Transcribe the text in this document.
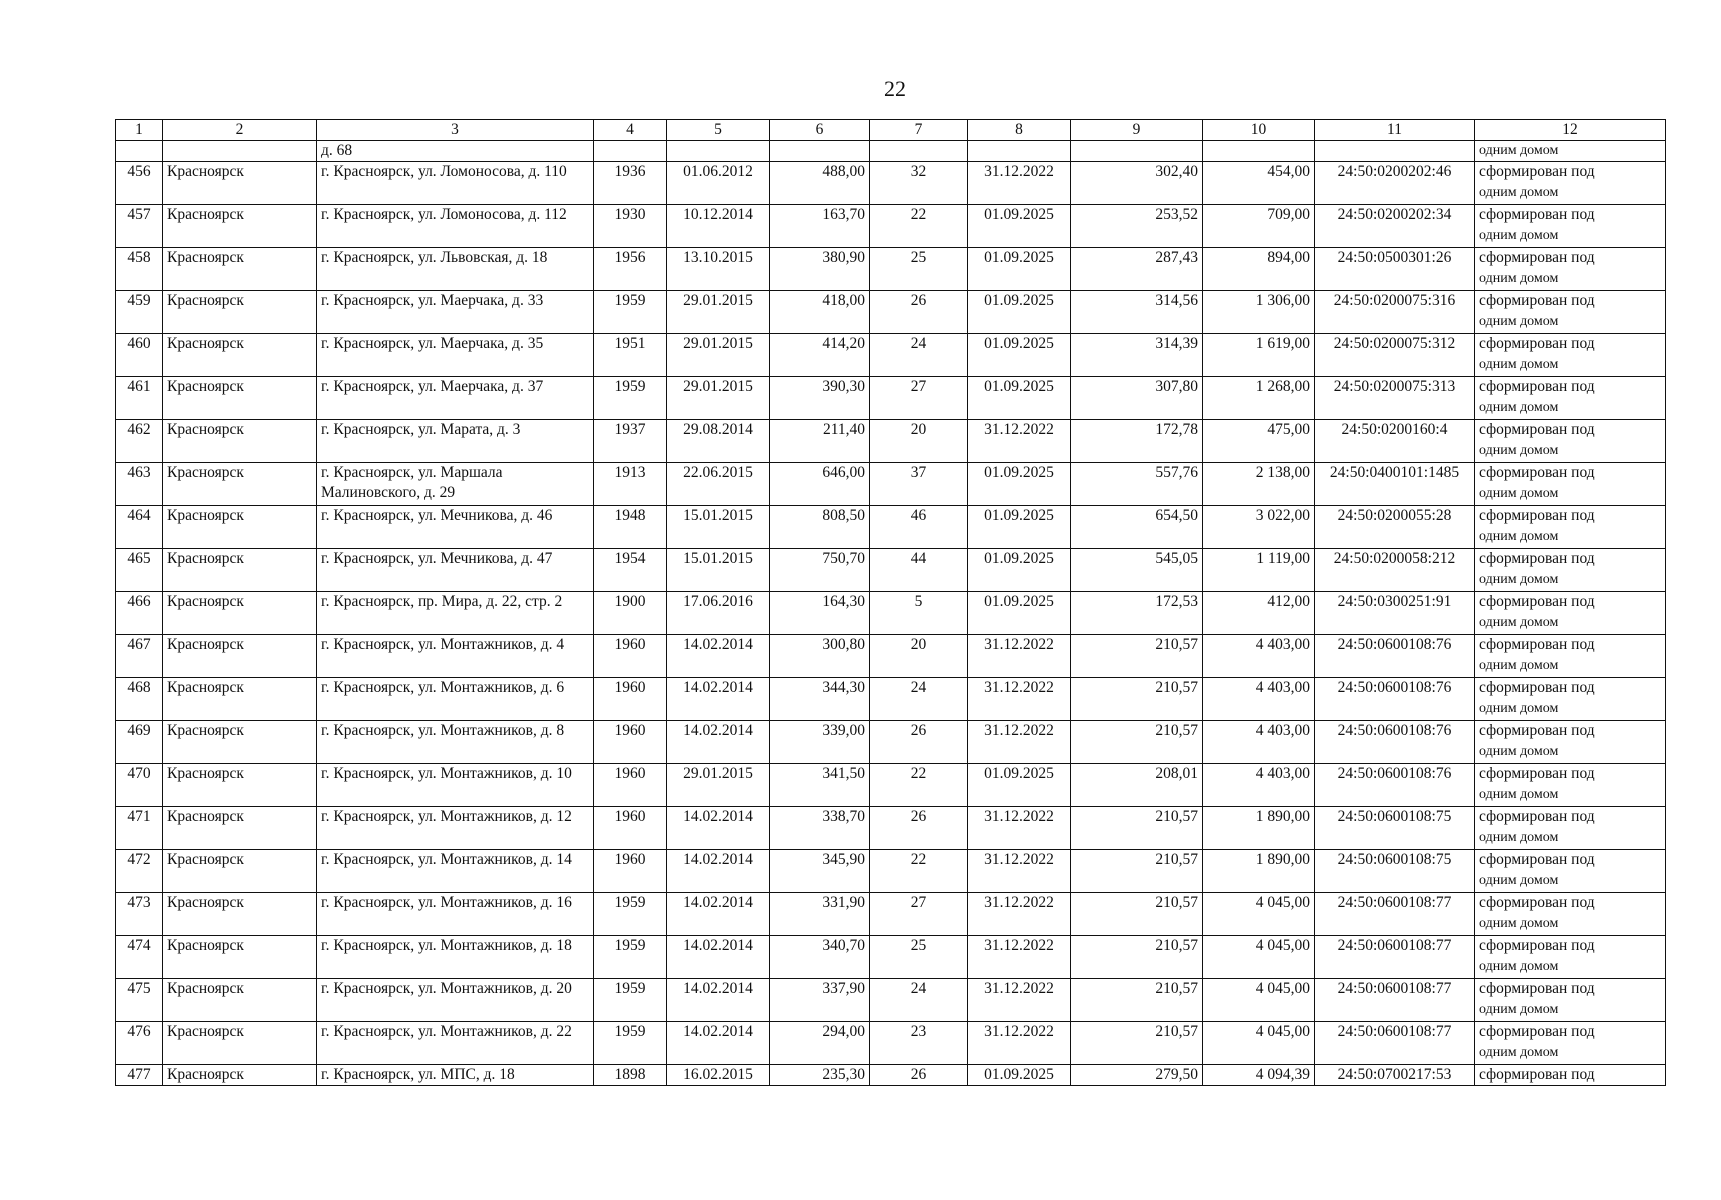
22
1	2	3	4	5	6	7	8	9	10	11	12
		д. 68									одним домом

456	Красноярск	г. Красноярск, ул. Ломоносова, д. 110	1936	01.06.2012	488,00	32	31.12.2022	302,40	454,00	24:50:0200202:46	сформирован под
одним домом

457	Красноярск	г. Красноярск, ул. Ломоносова, д. 112	1930	10.12.2014	163,70	22	01.09.2025	253,52	709,00	24:50:0200202:34	сформирован под
одним домом

458	Красноярск	г. Красноярск, ул. Львовская, д. 18	1956	13.10.2015	380,90	25	01.09.2025	287,43	894,00	24:50:0500301:26	сформирован под
одним домом

459	Красноярск	г. Красноярск, ул. Маерчака, д. 33	1959	29.01.2015	418,00	26	01.09.2025	314,56	1 306,00	24:50:0200075:316	сформирован под
одним домом

460	Красноярск	г. Красноярск, ул. Маерчака, д. 35	1951	29.01.2015	414,20	24	01.09.2025	314,39	1 619,00	24:50:0200075:312	сформирован под
одним домом

461	Красноярск	г. Красноярск, ул. Маерчака, д. 37	1959	29.01.2015	390,30	27	01.09.2025	307,80	1 268,00	24:50:0200075:313	сформирован под
одним домом

462	Красноярск	г. Красноярск, ул. Марата, д. 3	1937	29.08.2014	211,40	20	31.12.2022	172,78	475,00	24:50:0200160:4	сформирован под
одним домом

463	Красноярск	г. Красноярск, ул. Маршала Малиновского, д. 29	1913	22.06.2015	646,00	37	01.09.2025	557,76	2 138,00	24:50:0400101:1485	сформирован под
одним домом

464	Красноярск	г. Красноярск, ул. Мечникова, д. 46	1948	15.01.2015	808,50	46	01.09.2025	654,50	3 022,00	24:50:0200055:28	сформирован под
одним домом

465	Красноярск	г. Красноярск, ул. Мечникова, д. 47	1954	15.01.2015	750,70	44	01.09.2025	545,05	1 119,00	24:50:0200058:212	сформирован под
одним домом

466	Красноярск	г. Красноярск, пр. Мира, д. 22, стр. 2	1900	17.06.2016	164,30	5	01.09.2025	172,53	412,00	24:50:0300251:91	сформирован под
одним домом

467	Красноярск	г. Красноярск, ул. Монтажников, д. 4	1960	14.02.2014	300,80	20	31.12.2022	210,57	4 403,00	24:50:0600108:76	сформирован под
одним домом

468	Красноярск	г. Красноярск, ул. Монтажников, д. 6	1960	14.02.2014	344,30	24	31.12.2022	210,57	4 403,00	24:50:0600108:76	сформирован под
одним домом

469	Красноярск	г. Красноярск, ул. Монтажников, д. 8	1960	14.02.2014	339,00	26	31.12.2022	210,57	4 403,00	24:50:0600108:76	сформирован под
одним домом

470	Красноярск	г. Красноярск, ул. Монтажников, д. 10	1960	29.01.2015	341,50	22	01.09.2025	208,01	4 403,00	24:50:0600108:76	сформирован под
одним домом

471	Красноярск	г. Красноярск, ул. Монтажников, д. 12	1960	14.02.2014	338,70	26	31.12.2022	210,57	1 890,00	24:50:0600108:75	сформирован под
одним домом

472	Красноярск	г. Красноярск, ул. Монтажников, д. 14	1960	14.02.2014	345,90	22	31.12.2022	210,57	1 890,00	24:50:0600108:75	сформирован под
одним домом

473	Красноярск	г. Красноярск, ул. Монтажников, д. 16	1959	14.02.2014	331,90	27	31.12.2022	210,57	4 045,00	24:50:0600108:77	сформирован под
одним домом

474	Красноярск	г. Красноярск, ул. Монтажников, д. 18	1959	14.02.2014	340,70	25	31.12.2022	210,57	4 045,00	24:50:0600108:77	сформирован под
одним домом

475	Красноярск	г. Красноярск, ул. Монтажников, д. 20	1959	14.02.2014	337,90	24	31.12.2022	210,57	4 045,00	24:50:0600108:77	сформирован под
одним домом

476	Красноярск	г. Красноярск, ул. Монтажников, д. 22	1959	14.02.2014	294,00	23	31.12.2022	210,57	4 045,00	24:50:0600108:77	сформирован под
одним домом

477	Красноярск	г. Красноярск, ул. МПС, д. 18	1898	16.02.2015	235,30	26	01.09.2025	279,50	4 094,39	24:50:0700217:53	сформирован под
